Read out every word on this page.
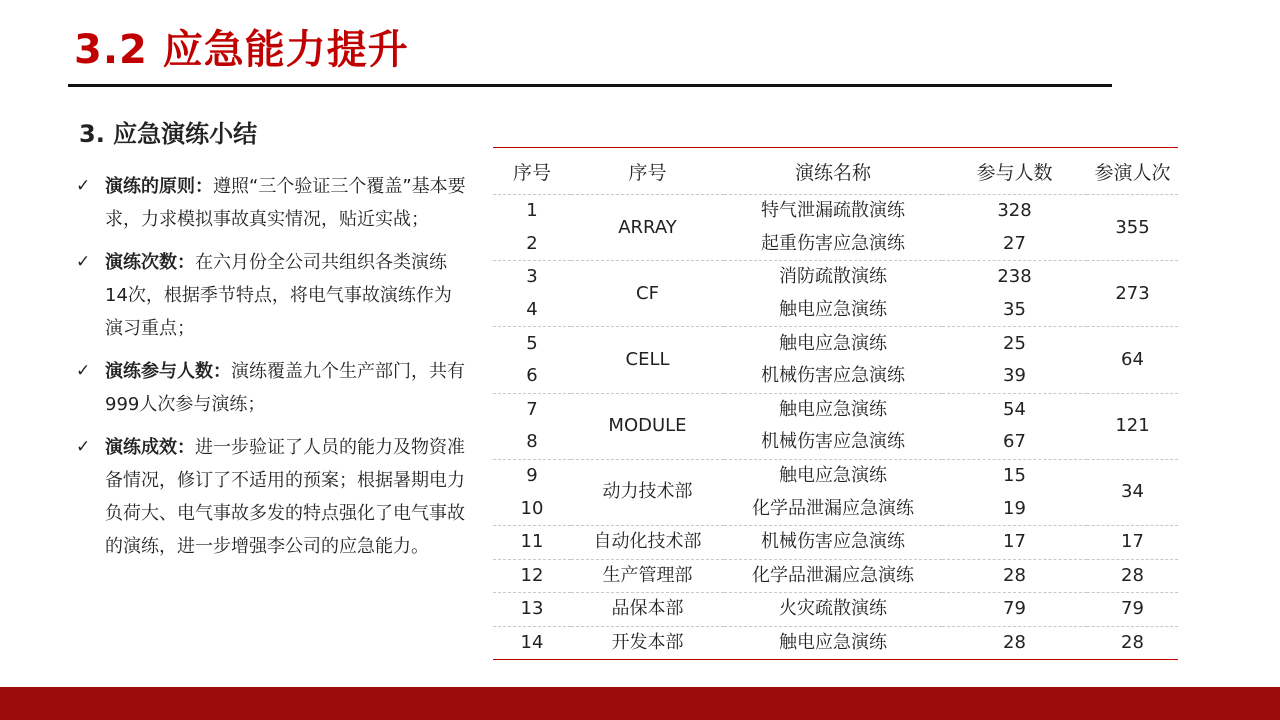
3.2 应急能力提升
3. 应急演练小结
✓ 演练的原则：遵照“三个验证三个覆盖”基本要求，力求模拟事故真实情况，贴近实战；
✓ 演练次数：在六月份全公司共组织各类演练14次，根据季节特点，将电气事故演练作为演习重点；
✓ 演练参与人数：演练覆盖九个生产部门，共有999人次参与演练；
✓ 演练成效：进一步验证了人员的能力及物资准备情况，修订了不适用的预案；根据暑期电力负荷大、电气事故多发的特点强化了电气事故的演练，进一步增强李公司的应急能力。
序号	序号	演练名称	参与人数	参演人次
1	ARRAY	特气泄漏疏散演练	328	355
2		起重伤害应急演练	27	
3	CF	消防疏散演练	238	273
4		触电应急演练	35	
5	CELL	触电应急演练	25	64
6		机械伤害应急演练	39	
7	MODULE	触电应急演练	54	121
8		机械伤害应急演练	67	
9	动力技术部	触电应急演练	15	34
10		化学品泄漏应急演练	19	
11	自动化技术部	机械伤害应急演练	17	17
12	生产管理部	化学品泄漏应急演练	28	28
13	品保本部	火灾疏散演练	79	79
14	开发本部	触电应急演练	28	28
